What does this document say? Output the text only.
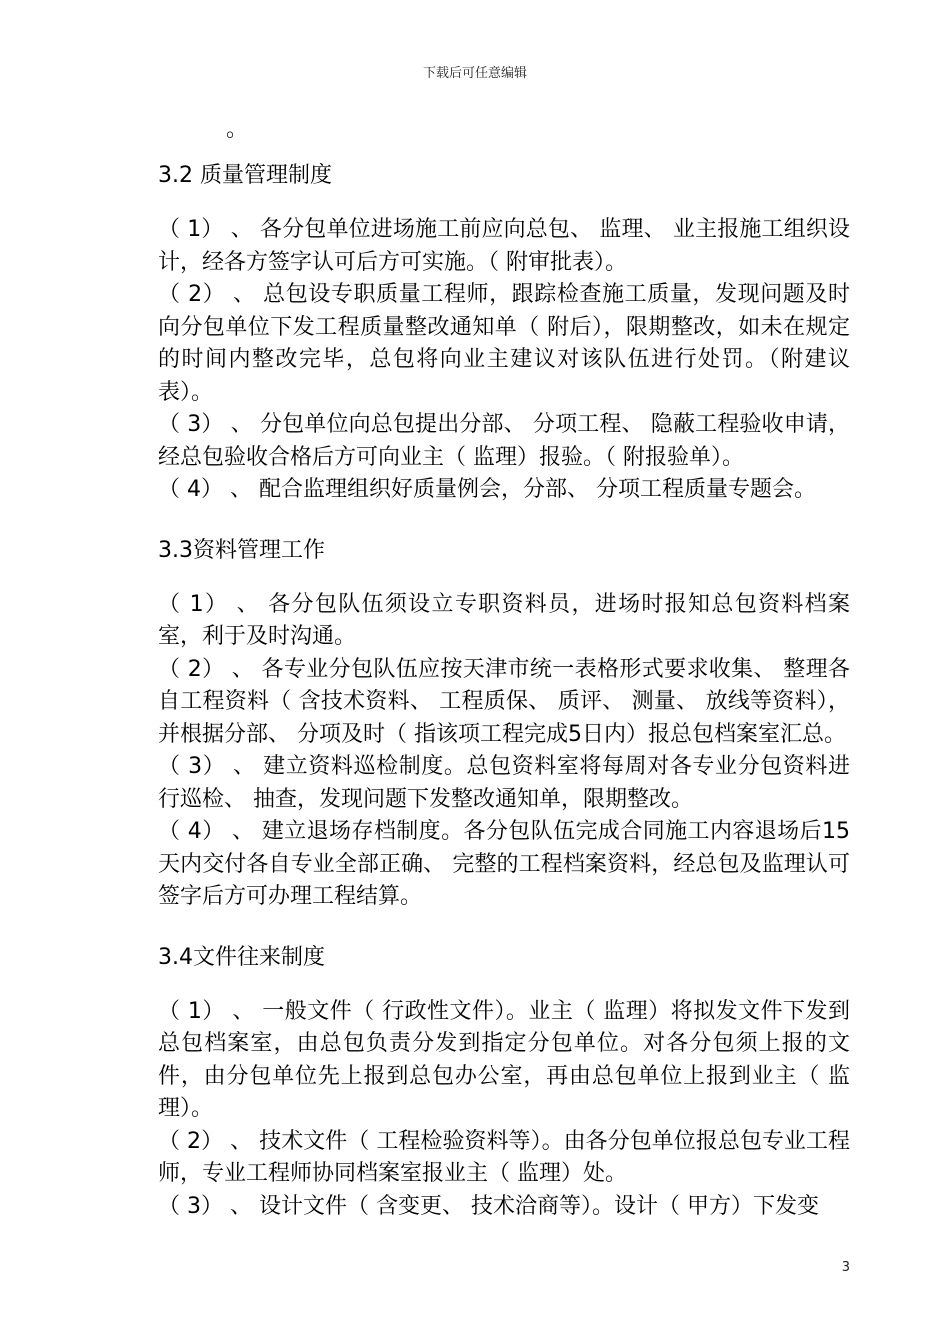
下载后可任意编辑

。

3.2 质量管理制度

（ 1） 、 各分包单位进场施工前应向总包、 监理、 业主报施工组织设计，经各方签字认可后方可实施。（ 附审批表）。

（ 2） 、 总包设专职质量工程师，跟踪检查施工质量，发现问题及时向分包单位下发工程质量整改通知单（ 附后），限期整改，如未在规定的时间内整改完毕，总包将向业主建议对该队伍进行处罚。（附建议表）。

（ 3） 、 分包单位向总包提出分部、 分项工程、 隐蔽工程验收申请，经总包验收合格后方可向业主（ 监理）报验。（ 附报验单）。

（ 4） 、 配合监理组织好质量例会，分部、 分项工程质量专题会。

3.3资料管理工作

（ 1） 、 各分包队伍须设立专职资料员，进场时报知总包资料档案室，利于及时沟通。

（ 2） 、 各专业分包队伍应按天津市统一表格形式要求收集、 整理各自工程资料（ 含技术资料、 工程质保、 质评、 测量、 放线等资料），并根据分部、 分项及时（ 指该项工程完成5日内）报总包档案室汇总。

（ 3） 、 建立资料巡检制度。总包资料室将每周对各专业分包资料进行巡检、 抽查，发现问题下发整改通知单，限期整改。

（ 4） 、 建立退场存档制度。各分包队伍完成合同施工内容退场后15天内交付各自专业全部正确、 完整的工程档案资料，经总包及监理认可签字后方可办理工程结算。

3.4文件往来制度

（ 1） 、 一般文件（ 行政性文件）。业主（ 监理）将拟发文件下发到总包档案室，由总包负责分发到指定分包单位。对各分包须上报的文件，由分包单位先上报到总包办公室，再由总包单位上报到业主（ 监理）。

（ 2） 、 技术文件（ 工程检验资料等）。由各分包单位报总包专业工程师，专业工程师协同档案室报业主（ 监理）处。

（ 3） 、 设计文件（ 含变更、 技术洽商等）。设计（ 甲方）下发变

3
